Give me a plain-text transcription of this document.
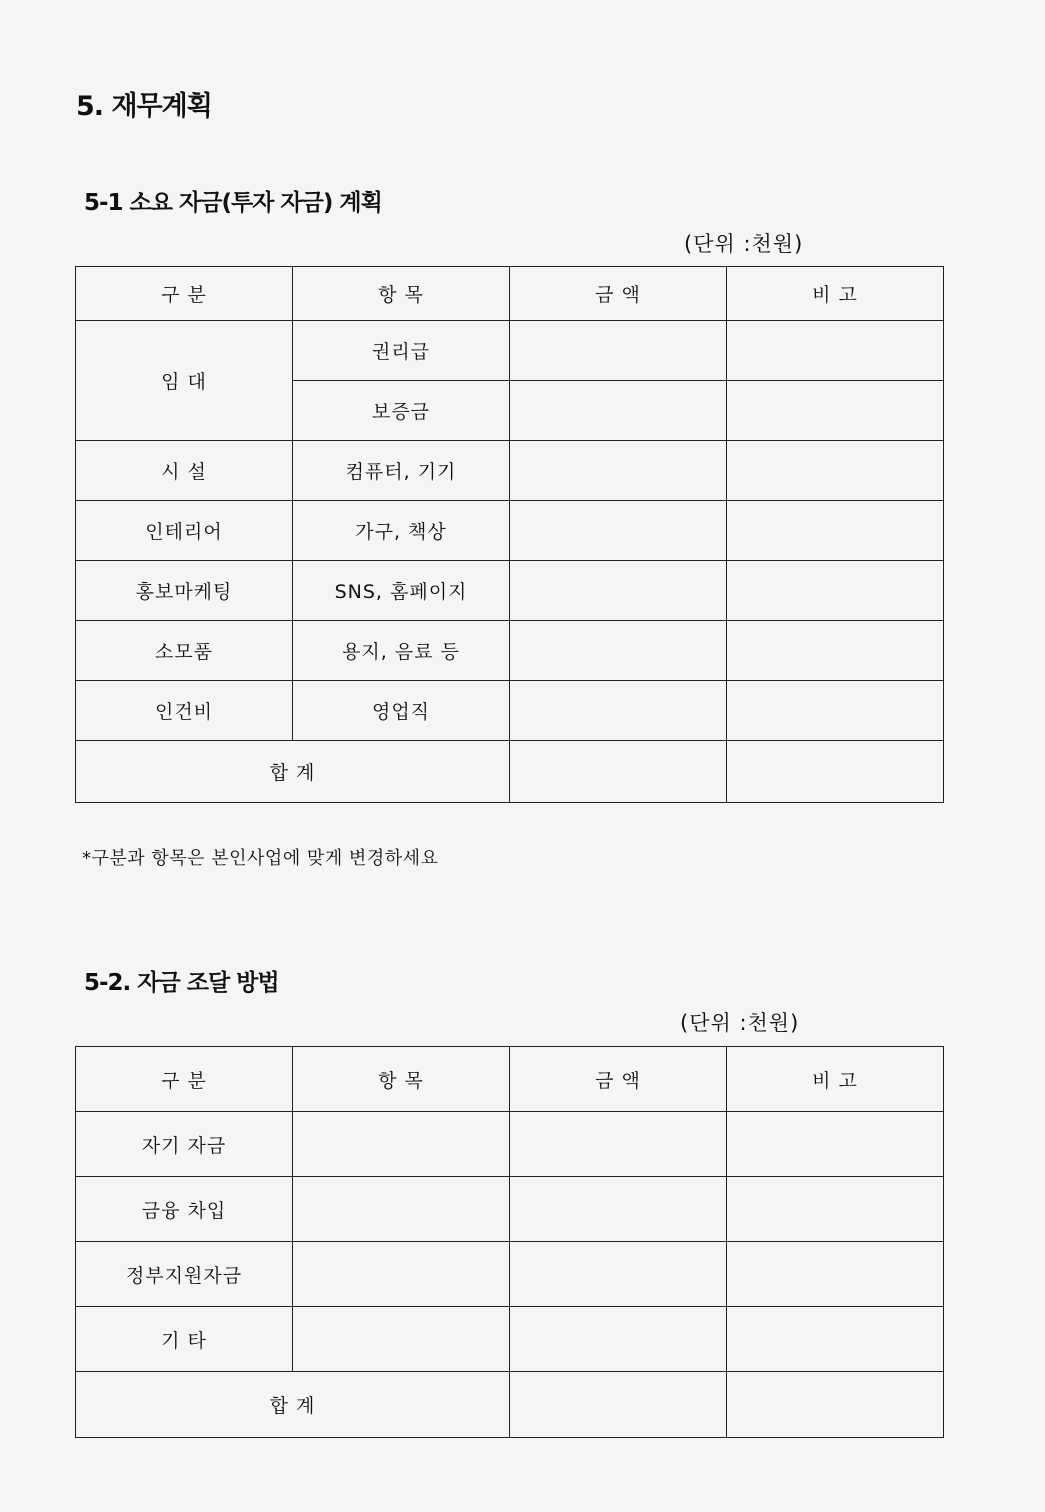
5. 재무계획
5-1 소요 자금(투자 자금) 계획
(단위 :천원)
구 분	항 목	금 액	비 고
임 대	권리급		
	보증금		
시 설	컴퓨터, 기기		
인테리어	가구, 책상		
홍보마케팅	SNS, 홈페이지		
소모품	용지, 음료 등		
인건비	영업직		
합 계			
*구분과 항목은 본인사업에 맞게 변경하세요
5-2. 자금 조달 방법
(단위 :천원)
구 분	항 목	금 액	비 고
자기 자금			
금융 차입			
정부지원자금			
기 타			
합 계			
